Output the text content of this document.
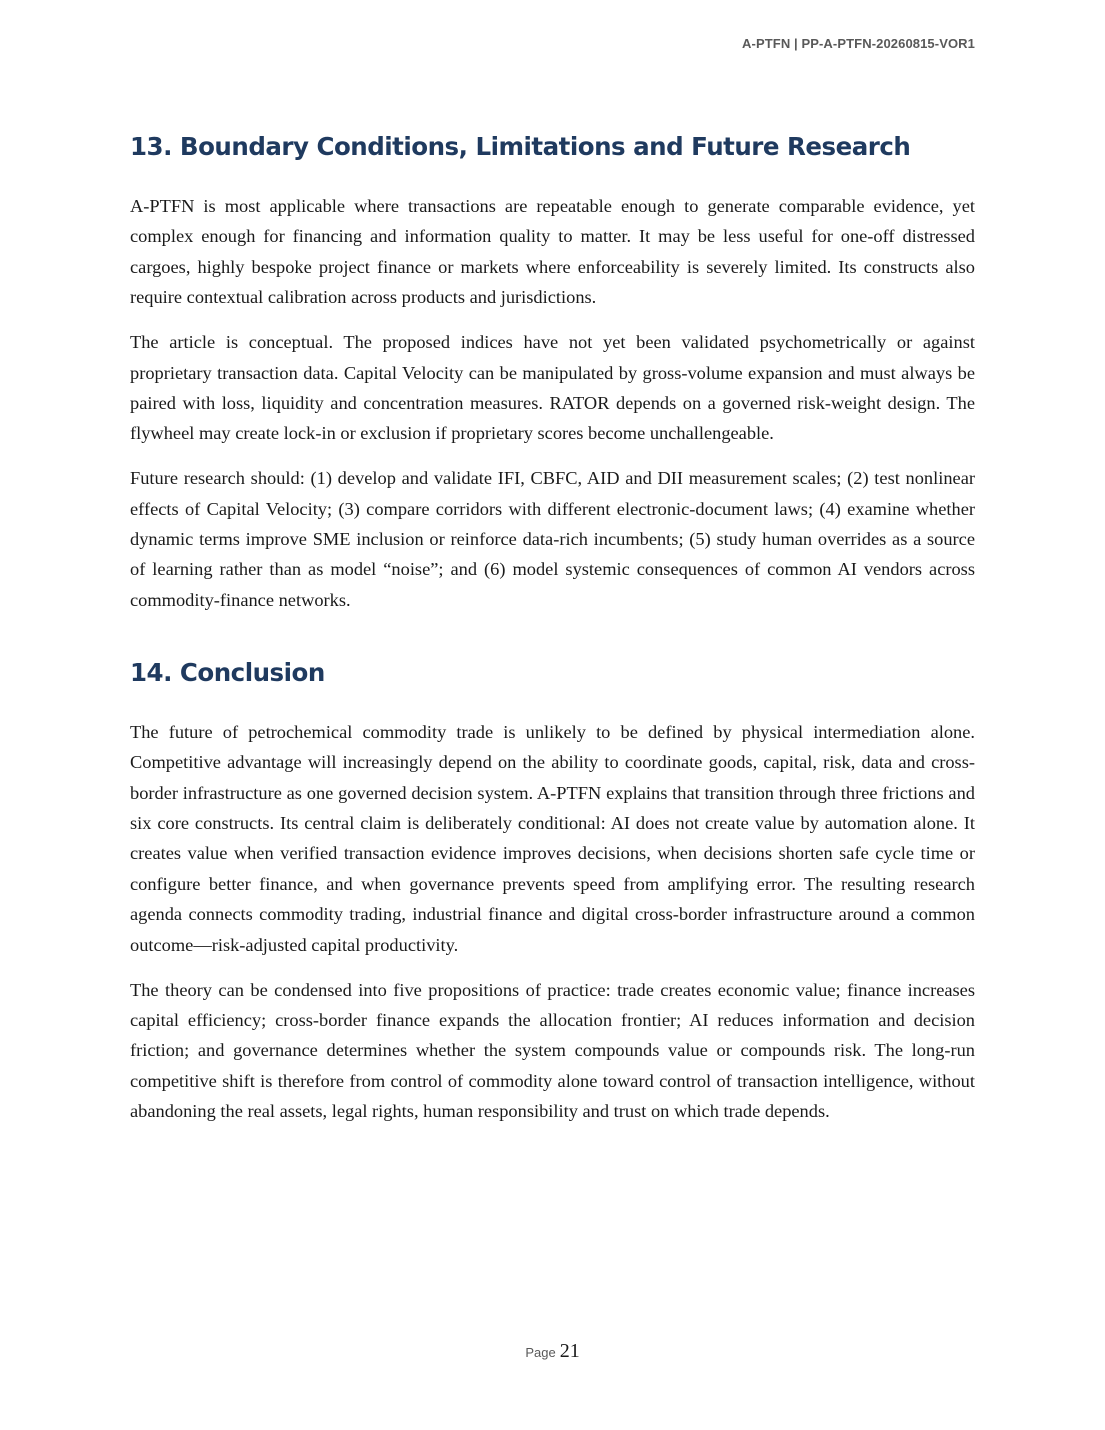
A-PTFN | PP-A-PTFN-20260815-VOR1
13. Boundary Conditions, Limitations and Future Research

A-PTFN is most applicable where transactions are repeatable enough to generate comparable evidence, yet complex enough for financing and information quality to matter. It may be less useful for one-off distressed cargoes, highly bespoke project finance or markets where enforceability is severely limited. Its constructs also require contextual calibration across products and jurisdictions.

The article is conceptual. The proposed indices have not yet been validated psychometrically or against proprietary transaction data. Capital Velocity can be manipulated by gross-volume expansion and must always be paired with loss, liquidity and concentration measures. RATOR depends on a governed risk-weight design. The flywheel may create lock-in or exclusion if proprietary scores become unchallengeable.

Future research should: (1) develop and validate IFI, CBFC, AID and DII measurement scales; (2) test nonlinear effects of Capital Velocity; (3) compare corridors with different electronic-document laws; (4) examine whether dynamic terms improve SME inclusion or reinforce data-rich incumbents; (5) study human overrides as a source of learning rather than as model “noise”; and (6) model systemic consequences of common AI vendors across commodity-finance networks.

14. Conclusion

The future of petrochemical commodity trade is unlikely to be defined by physical intermediation alone. Competitive advantage will increasingly depend on the ability to coordinate goods, capital, risk, data and cross-border infrastructure as one governed decision system. A-PTFN explains that transition through three frictions and six core constructs. Its central claim is deliberately conditional: AI does not create value by automation alone. It creates value when verified transaction evidence improves decisions, when decisions shorten safe cycle time or configure better finance, and when governance prevents speed from amplifying error. The resulting research agenda connects commodity trading, industrial finance and digital cross-border infrastructure around a common outcome—risk-adjusted capital productivity.

The theory can be condensed into five propositions of practice: trade creates economic value; finance increases capital efficiency; cross-border finance expands the allocation frontier; AI reduces information and decision friction; and governance determines whether the system compounds value or compounds risk. The long-run competitive shift is therefore from control of commodity alone toward control of transaction intelligence, without abandoning the real assets, legal rights, human responsibility and trust on which trade depends.

Page 21
